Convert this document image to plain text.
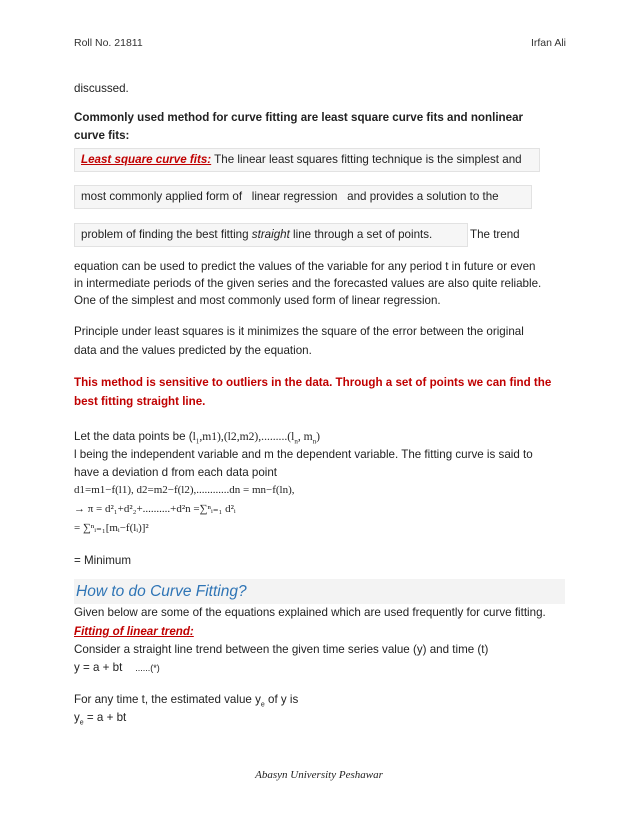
Roll No. 21811	Irfan Ali
discussed.
Commonly used method for curve fitting are least square curve fits and nonlinear
curve fits:
Least square curve fits: The linear least squares fitting technique is the simplest and
most commonly applied form of linear regression and provides a solution to the
problem of finding the best fitting straight line through a set of points.	The trend
equation can be used to predict the values of the variable for any period t in future or even
in intermediate periods of the given series and the forecasted values are also quite reliable.
One of the simplest and most commonly used form of linear regression.
Principle under least squares is it minimizes the square of the error between the original
data and the values predicted by the equation.
This method is sensitive to outliers in the data. Through a set of points we can find the
best fitting straight line.
Let the data points be $(l_1,m1),(l2,m2),.........(l_n$, $m_n$)
l being the independent variable and m the dependent variable. The fitting curve is said to
have a deviation d from each data point
d1=m1−f(l1), d2=m2−f(l2),............dn = mn−f(ln),
→ π = d²₁+d²₂+..........+d²n =∑ⁿᵢ₌₁ d²ᵢ
= ∑ⁿᵢ₌₁[mᵢ−f(lᵢ)]²
= Minimum
How to do Curve Fitting?
Given below are some of the equations explained which are used frequently for curve fitting.
Fitting of linear trend:
Consider a straight line trend between the given time series value (y) and time (t)
y = a + bt ......(*)
For any time t, the estimated value $y_e$ of y is
$y_e = a$ + bt
Abasyn University Peshawar
